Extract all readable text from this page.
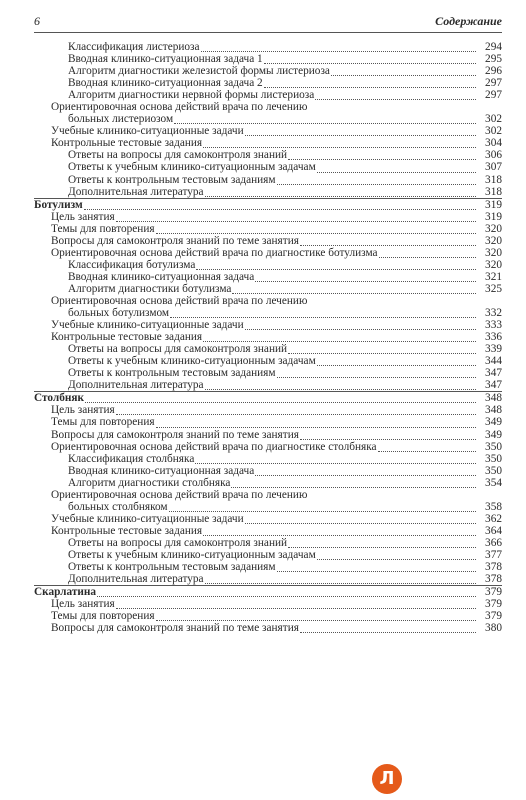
6	Содержание
Классификация листериоза	294
Вводная клинико-ситуационная задача 1	295
Алгоритм диагностики железистой формы листериоза	296
Вводная клинико-ситуационная задача 2	297
Алгоритм диагностики нервной формы листериоза	297
Ориентировочная основа действий врача по лечению
больных листериозом	302
Учебные клинико-ситуационные задачи	302
Контрольные тестовые задания	304
Ответы на вопросы для самоконтроля знаний	306
Ответы к учебным клинико-ситуационным задачам	307
Ответы к контрольным тестовым заданиям	318
Дополнительная литература	318
Ботулизм	319
Цель занятия	319
Темы для повторения	320
Вопросы для самоконтроля знаний по теме занятия	320
Ориентировочная основа действий врача по диагностике ботулизма	320
Классификация ботулизма	320
Вводная клинико-ситуационная задача	321
Алгоритм диагностики ботулизма	325
Ориентировочная основа действий врача по лечению
больных ботулизмом	332
Учебные клинико-ситуационные задачи	333
Контрольные тестовые задания	336
Ответы на вопросы для самоконтроля знаний	339
Ответы к учебным клинико-ситуационным задачам	344
Ответы к контрольным тестовым заданиям	347
Дополнительная литература	347
Столбняк	348
Цель занятия	348
Темы для повторения	349
Вопросы для самоконтроля знаний по теме занятия	349
Ориентировочная основа действий врача по диагностике столбняка	350
Классификация столбняка	350
Вводная клинико-ситуационная задача	350
Алгоритм диагностики столбняка	354
Ориентировочная основа действий врача по лечению
больных столбняком	358
Учебные клинико-ситуационные задачи	362
Контрольные тестовые задания	364
Ответы на вопросы для самоконтроля знаний	366
Ответы к учебным клинико-ситуационным задачам	377
Ответы к контрольным тестовым заданиям	378
Дополнительная литература	378
Скарлатина	379
Цель занятия	379
Темы для повторения	379
Вопросы для самоконтроля знаний по теме занятия	380
Л
